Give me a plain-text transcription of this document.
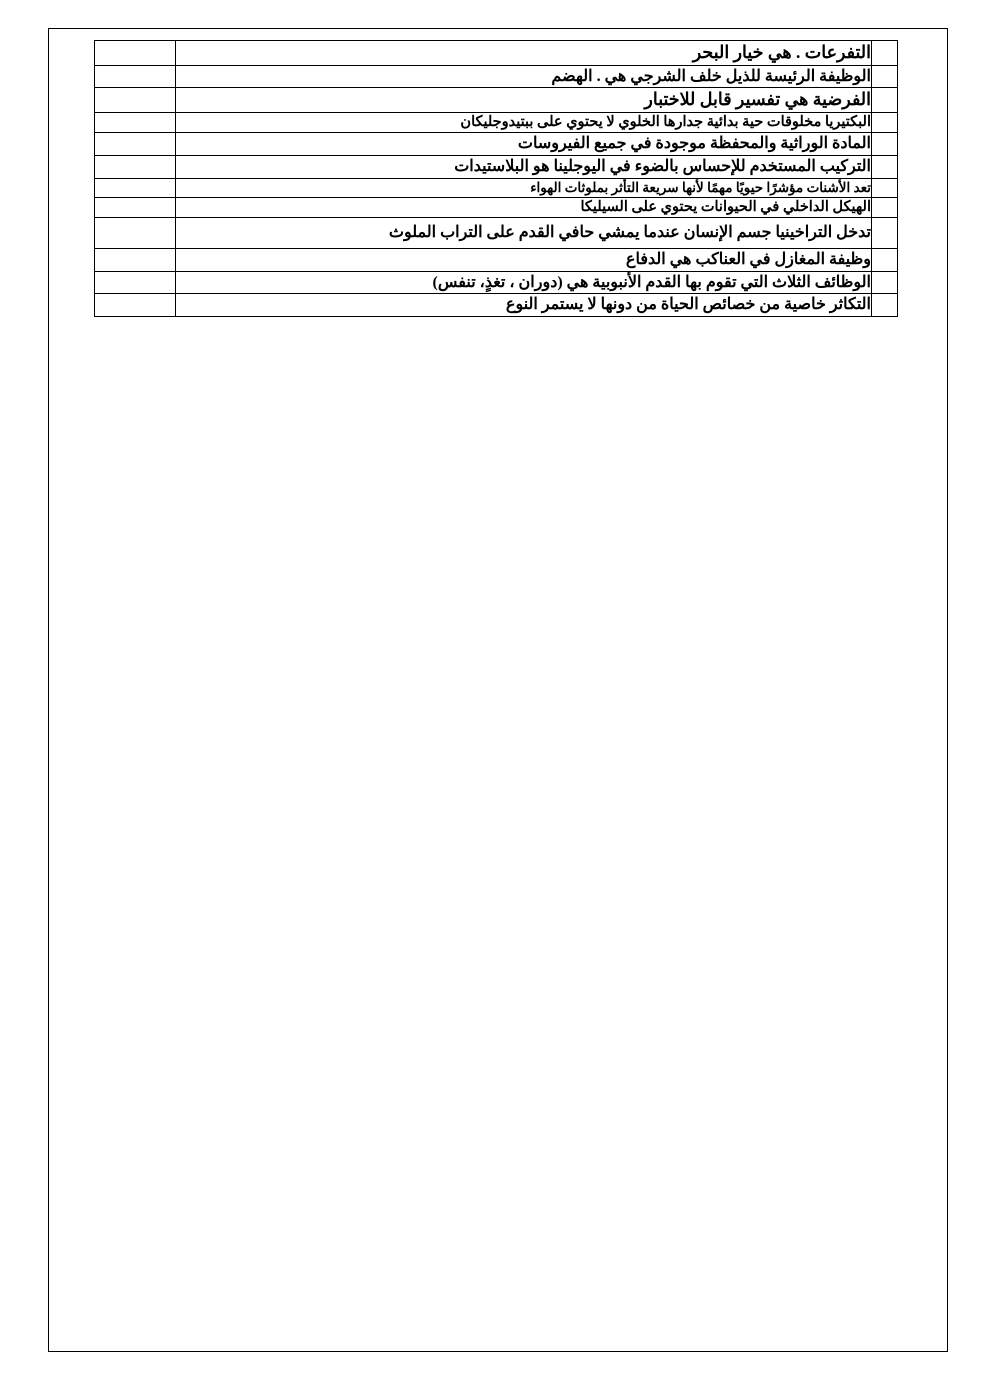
	التفرعات . هي خيار البحر	

	الوظيفة الرئيسة للذيل خلف الشرجي هي . الهضم	

	الفرضية هي تفسير قابل للاختبار	

	البكتيريا مخلوقات حية بدائية جدارها الخلوي لا يحتوي على ببتيدوجليكان	

	المادة الوراثية والمحفظة موجودة في جميع الفيروسات	

	التركيب المستخدم للإحساس بالضوء في اليوجلينا هو البلاستيدات	

	تعد الأشنات مؤشرًا حيويًا مهمًا لأنها سريعة التأثر بملوثات الهواء	

	الهيكل الداخلي في الحيوانات يحتوي على السيليكا	

	تدخل التراخينيا جسم الإنسان عندما يمشي حافي القدم على التراب الملوث	

	وظيفة المغازل في العناكب هي الدفاع	

	الوظائف الثلاث التي تقوم بها القدم الأنبوبية هي (دوران ، تغذٍ، تنفس)	

	التكاثر خاصية من خصائص الحياة من دونها لا يستمر النوع	
